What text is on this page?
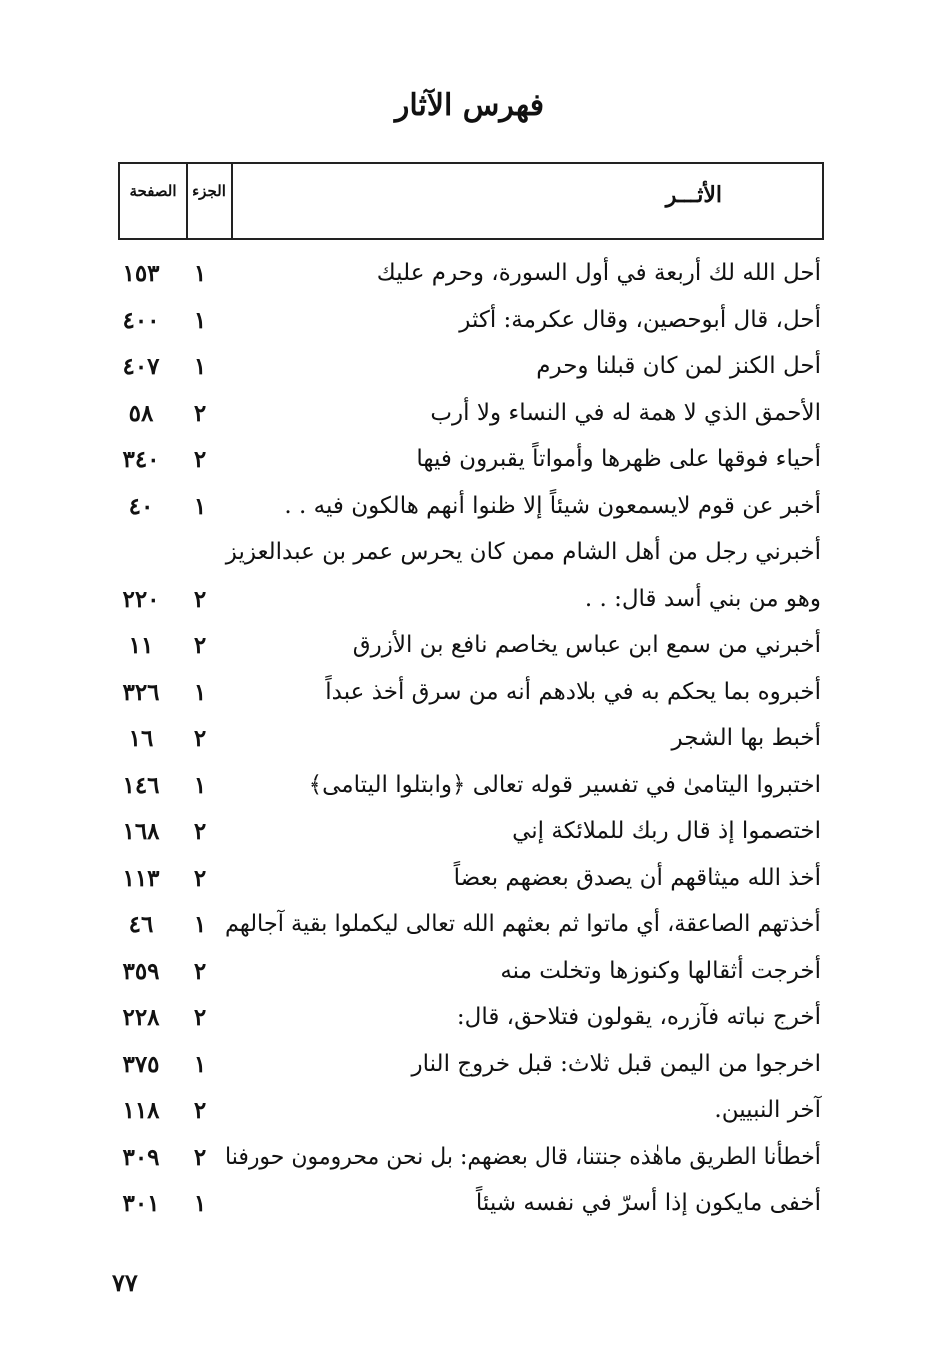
فهرس الآثار
الصفحة	الجزء	الأثـــر
أحل الله لك أربعة في أول السورة، وحرم عليك
١
١٥٣
أحل، قال أبوحصين، وقال عكرمة: أكثر
١
٤٠٠
أحل الكنز لمن كان قبلنا وحرم
١
٤٠٧
الأحمق الذي لا همة له في النساء ولا أرب
٢
٥٨
أحياء فوقها على ظهرها وأمواتاً يقبرون فيها
٢
٣٤٠
أخبر عن قوم لايسمعون شيئاً إلا ظنوا أنهم هالكون فيه . .
١
٤٠
أخبرني رجل من أهل الشام ممن كان يحرس عمر بن عبدالعزيز
وهو من بني أسد قال: . .
٢
٢٢٠
أخبرني من سمع ابن عباس يخاصم نافع بن الأزرق
٢
١١
أخبروه بما يحكم به في بلادهم أنه من سرق أخذ عبداً
١
٣٢٦
أخبط بها الشجر
٢
١٦
اختبروا اليتامىٰ في تفسير قوله تعالى ﴿وابتلوا اليتامى﴾
١
١٤٦
اختصموا إذ قال ربك للملائكة إني
٢
١٦٨
أخذ الله ميثاقهم أن يصدق بعضهم بعضاً
٢
١١٣
أخذتهم الصاعقة، أي ماتوا ثم بعثهم الله تعالى ليكملوا بقية آجالهم
١
٤٦
أخرجت أثقالها وكنوزها وتخلت منه
٢
٣٥٩
أخرج نباته فآزره، يقولون فتلاحق، قال:
٢
٢٢٨
اخرجوا من اليمن قبل ثلاث: قبل خروج النار
١
٣٧٥
آخر النبيين.
٢
١١٨
أخطأنا الطريق ماهٰذه جنتنا، قال بعضهم: بل نحن محرومون حورفنا
٢
٣٠٩
أخفى مايكون إذا أسرّ في نفسه شيئاً
١
٣٠١
٧٧
